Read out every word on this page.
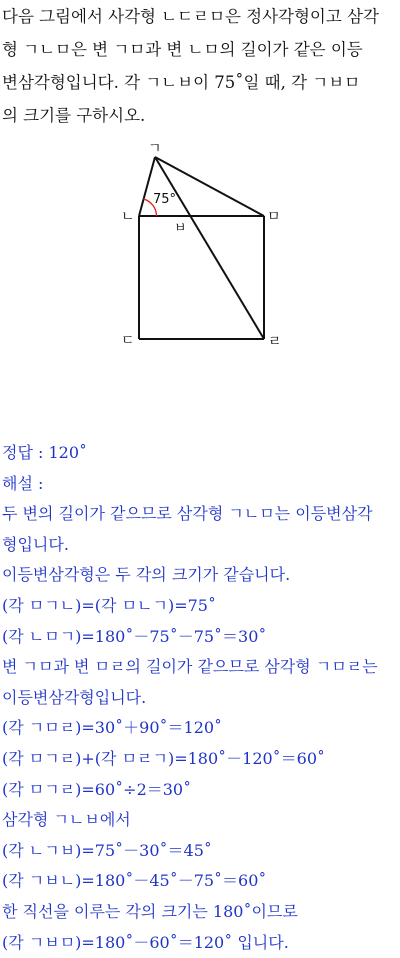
다음 그림에서 사각형 ㄴㄷㄹㅁ은 정사각형이고 삼각
형 ㄱㄴㅁ은 변 ㄱㅁ과 변 ㄴㅁ의 길이가 같은 이등
변삼각형입니다. 각 ㄱㄴㅂ이 75˚일 때, 각 ㄱㅂㅁ
의 크기를 구하시오.
ㄱ
ㄴ
ㄷ	ㄹ
ㅁ
ㅂ
75°
정답 : 120˚
해설 :
두 변의 길이가 같으므로 삼각형 ㄱㄴㅁ는 이등변삼각
형입니다.
이등변삼각형은 두 각의 크기가 같습니다.
(각 ㅁㄱㄴ)=(각 ㅁㄴㄱ)=75˚
(각 ㄴㅁㄱ)=180˚－75˚－75˚＝30˚
변 ㄱㅁ과 변 ㅁㄹ의 길이가 같으므로 삼각형 ㄱㅁㄹ는
이등변삼각형입니다.
(각 ㄱㅁㄹ)=30˚＋90˚＝120˚
(각 ㅁㄱㄹ)+(각 ㅁㄹㄱ)=180˚－120˚＝60˚
(각 ㅁㄱㄹ)=60˚÷2＝30˚
삼각형 ㄱㄴㅂ에서
(각 ㄴㄱㅂ)=75˚－30˚＝45˚
(각 ㄱㅂㄴ)=180˚－45˚－75˚＝60˚
한 직선을 이루는 각의 크기는 180˚이므로
(각 ㄱㅂㅁ)=180˚－60˚＝120˚ 입니다.
